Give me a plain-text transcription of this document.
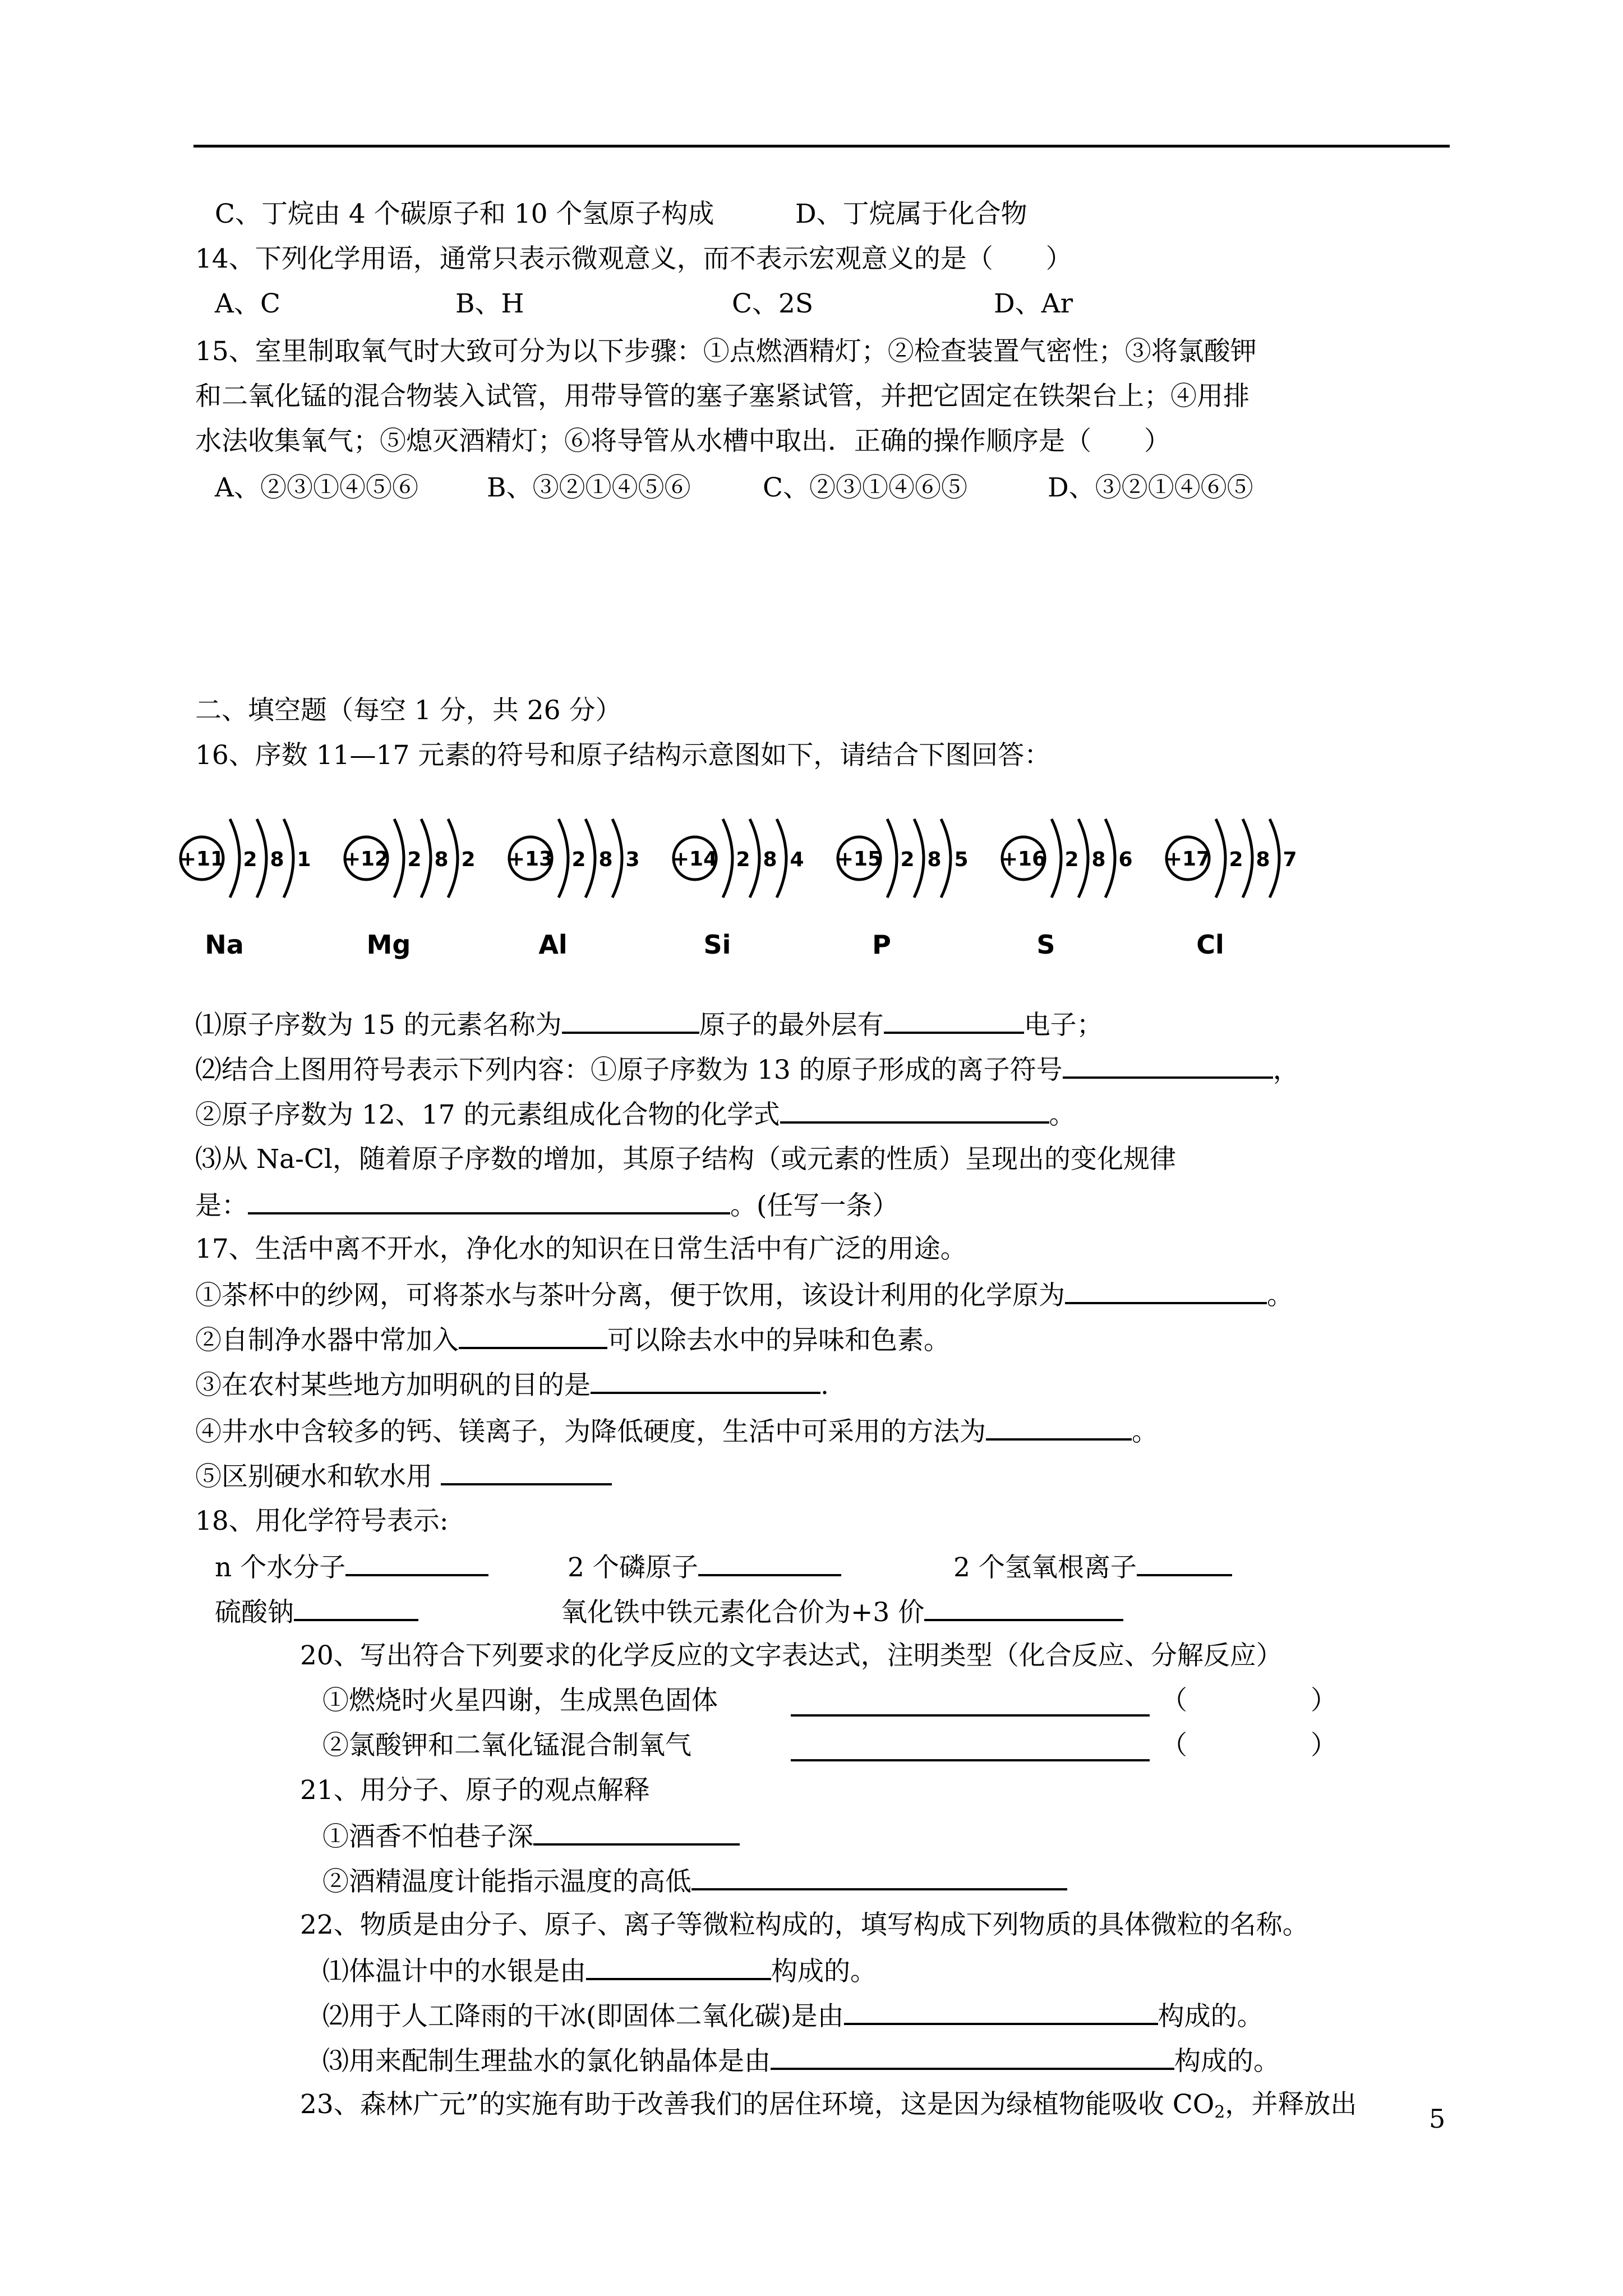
C、丁烷由 4 个碳原子和 10 个氢原子构成	D、丁烷属于化合物
14、下列化学用语，通常只表示微观意义，而不表示宏观意义的是（　　）
A、C	B、H	C、2S	D、Ar
15、室里制取氧气时大致可分为以下步骤：①点燃酒精灯；②检查装置气密性；③将氯酸钾
和二氧化锰的混合物装入试管，用带导管的塞子塞紧试管，并把它固定在铁架台上；④用排
水法收集氧气；⑤熄灭酒精灯；⑥将导管从水槽中取出．正确的操作顺序是（　　）
A、②③①④⑤⑥	B、③②①④⑤⑥	C、②③①④⑥⑤	D、③②①④⑥⑤
二、填空题（每空 1 分，共 26 分）
16、序数 11—17 元素的符号和原子结构示意图如下，请结合下图回答：
+11 2 8 1
Na
+12 2 8 2
Mg
+13 2 8 3
Al
+14 2 8 4
Si
+15 2 8 5
P
+16 2 8 6
S
+17 2 8 7
Cl
⑴原子序数为 15 的元素名称为	原子的最外层有	电子；
⑵结合上图用符号表示下列内容：①原子序数为 13 的原子形成的离子符号	，
②原子序数为 12、17 的元素组成化合物的化学式	。
⑶从 Na-Cl，随着原子序数的增加，其原子结构（或元素的性质）呈现出的变化规律
是：	。(任写一条）
17、生活中离不开水，净化水的知识在日常生活中有广泛的用途。
①茶杯中的纱网，可将茶水与茶叶分离，便于饮用，该设计利用的化学原为	。
②自制净水器中常加入	可以除去水中的异味和色素。
③在农村某些地方加明矾的目的是	.
④井水中含较多的钙、镁离子，为降低硬度，生活中可采用的方法为	。
⑤区别硬水和软水用
18、用化学符号表示:
n 个水分子	2 个磷原子	2 个氢氧根离子
硫酸钠	氧化铁中铁元素化合价为+3 价
20、写出符合下列要求的化学反应的文字表达式，注明类型（化合反应、分解反应）
①燃烧时火星四谢，生成黑色固体	（	）
②氯酸钾和二氧化锰混合制氧气	（	）
21、用分子、原子的观点解释
①酒香不怕巷子深
②酒精温度计能指示温度的高低
22、物质是由分子、原子、离子等微粒构成的，填写构成下列物质的具体微粒的名称。
⑴体温计中的水银是由	构成的。
⑵用于人工降雨的干冰(即固体二氧化碳)是由	构成的。
⑶用来配制生理盐水的氯化钠晶体是由	构成的。
23、森林广元”的实施有助于改善我们的居住环境，这是因为绿植物能吸收 $CO_2$，并释放出	5
